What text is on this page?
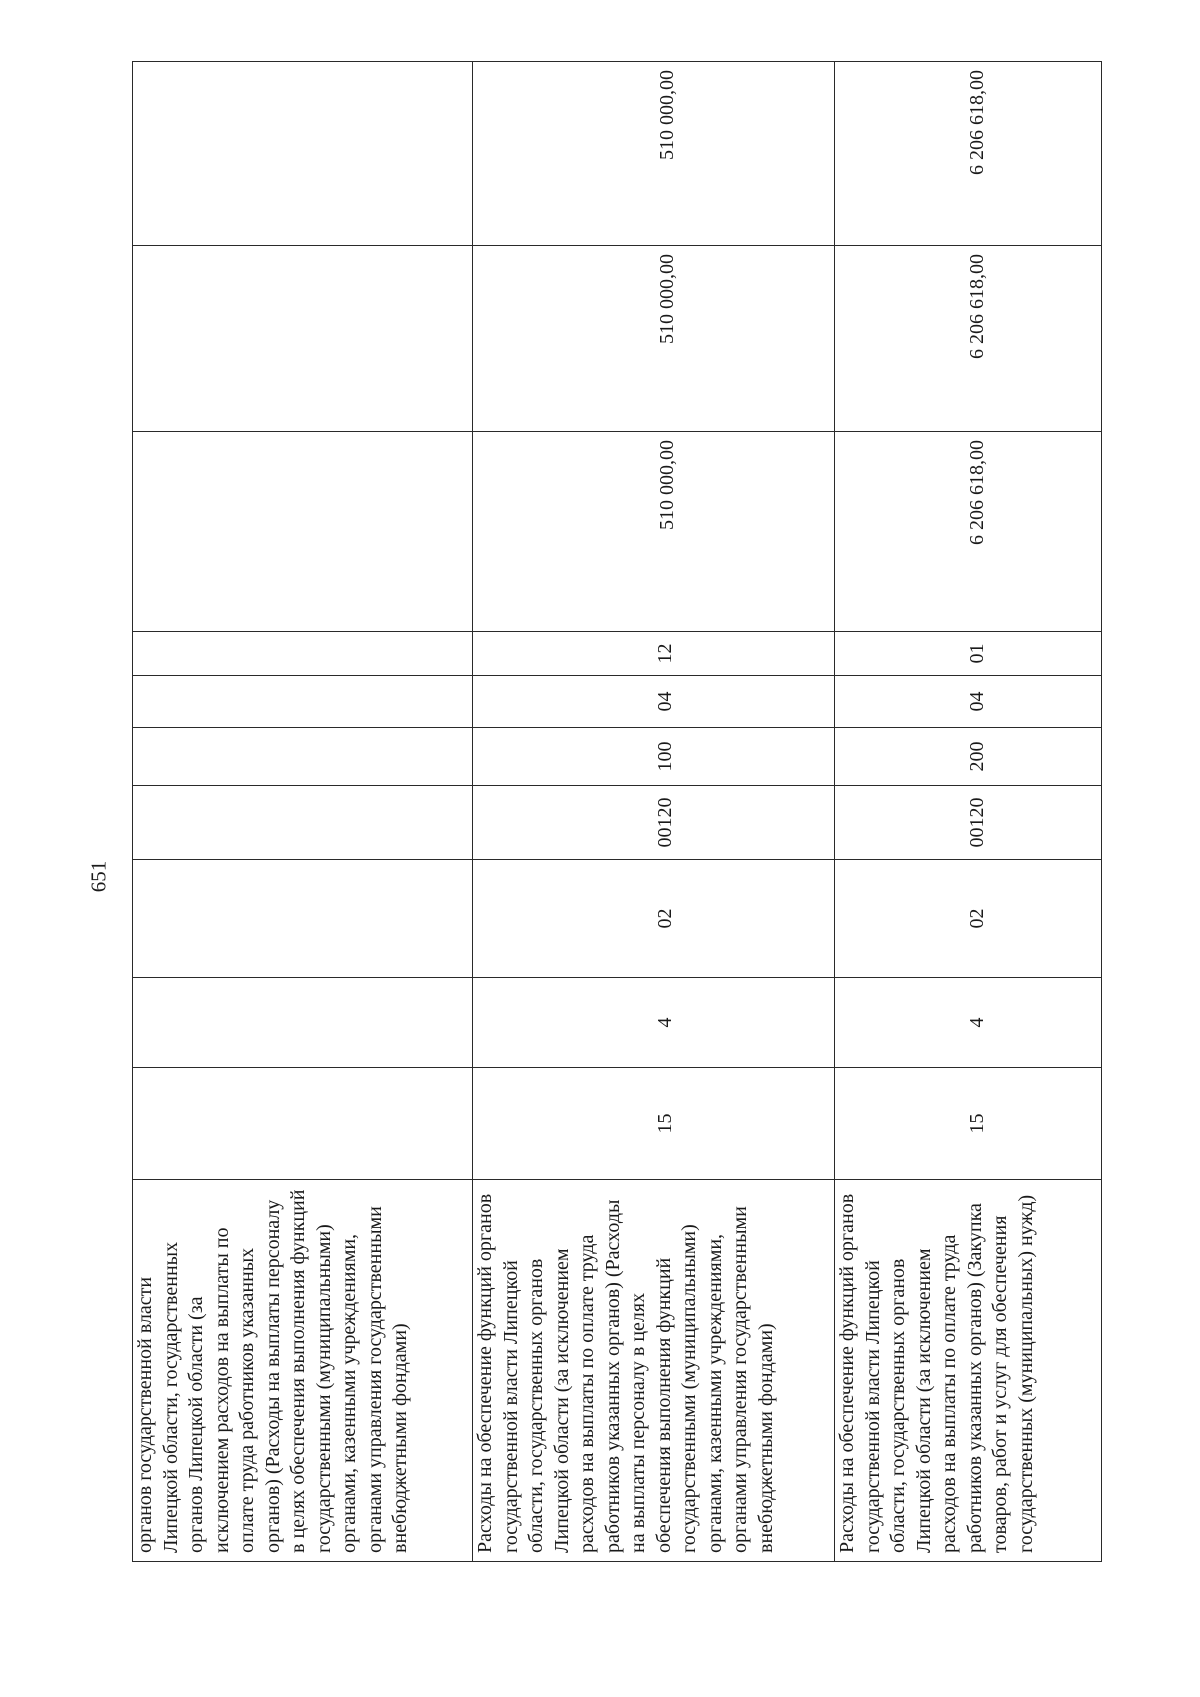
651
органов государственной власти Липецкой области, государственных органов Липецкой области (за исключением расходов на выплаты по оплате труда работников указанных органов) (Расходы на выплаты персоналу в целях обеспечения выполнения функций государственными (муниципальными) органами, казенными учреждениями, органами управления государственными внебюджетными фондами)	

Расходы на обеспечение функций органов государственной власти Липецкой области, государственных органов Липецкой области (за исключением расходов на выплаты по оплате труда работников указанных органов) (Расходы на выплаты персоналу в целях обеспечения выполнения функций государственными (муниципальными) органами, казенными учреждениями, органами управления государственными внебюджетными фондами)	15	4	02	00120	100	04	12	510 000,00	510 000,00	510 000,00

Расходы на обеспечение функций органов государственной власти Липецкой области, государственных органов Липецкой области (за исключением расходов на выплаты по оплате труда работников указанных органов) (Закупка товаров, работ и услуг для обеспечения государственных (муниципальных) нужд)	15	4	02	00120	200	04	01	6 206 618,00	6 206 618,00	6 206 618,00
